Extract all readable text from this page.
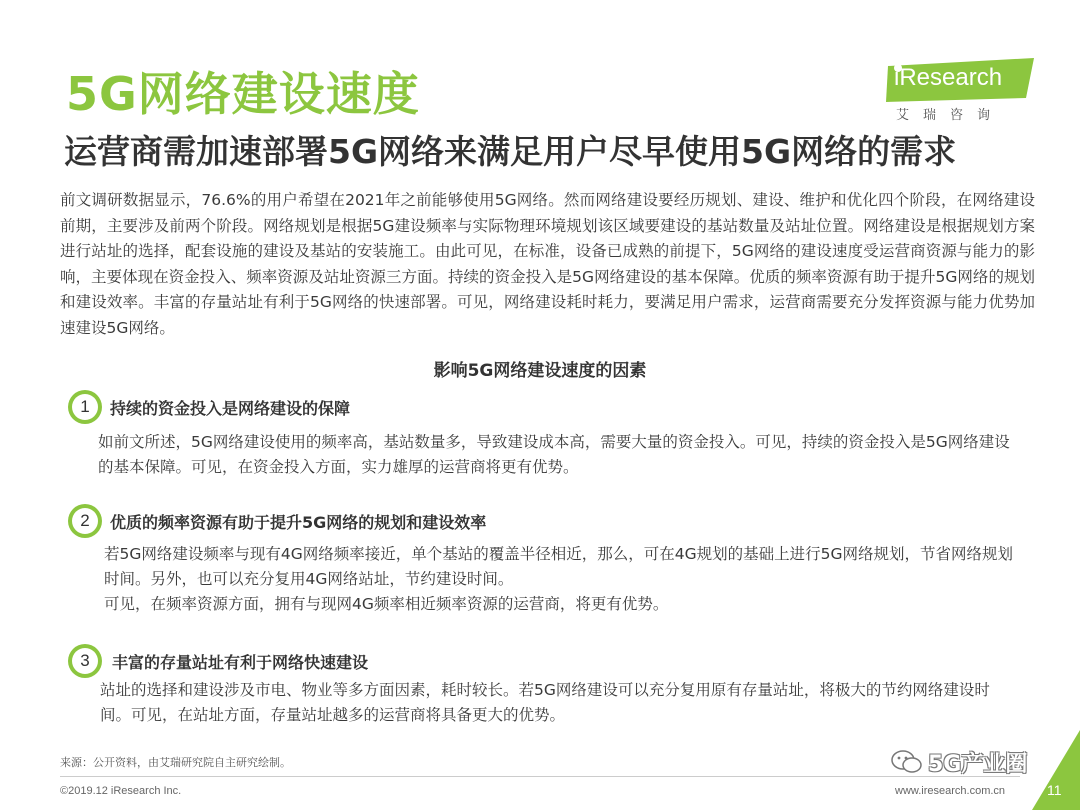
5G网络建设速度
运营商需加速部署5G网络来满足用户尽早使用5G网络的需求
iResearch
艾瑞咨询
前文调研数据显示，76.6%的用户希望在2021年之前能够使用5G网络。然而网络建设要经历规划、建设、维护和优化四个阶段，在网络建设前期，主要涉及前两个阶段。网络规划是根据5G建设频率与实际物理环境规划该区域要建设的基站数量及站址位置。网络建设是根据规划方案进行站址的选择，配套设施的建设及基站的安装施工。由此可见，在标准，设备已成熟的前提下，5G网络的建设速度受运营商资源与能力的影响，主要体现在资金投入、频率资源及站址资源三方面。持续的资金投入是5G网络建设的基本保障。优质的频率资源有助于提升5G网络的规划和建设效率。丰富的存量站址有利于5G网络的快速部署。可见，网络建设耗时耗力，要满足用户需求，运营商需要充分发挥资源与能力优势加速建设5G网络。
影响5G网络建设速度的因素
1	持续的资金投入是网络建设的保障
如前文所述，5G网络建设使用的频率高，基站数量多，导致建设成本高，需要大量的资金投入。可见，持续的资金投入是5G网络建设的基本保障。可见，在资金投入方面，实力雄厚的运营商将更有优势。
2	优质的频率资源有助于提升5G网络的规划和建设效率
若5G网络建设频率与现有4G网络频率接近，单个基站的覆盖半径相近，那么，可在4G规划的基础上进行5G网络规划，节省网络规划时间。另外，也可以充分复用4G网络站址，节约建设时间。
可见，在频率资源方面，拥有与现网4G频率相近频率资源的运营商，将更有优势。
3	丰富的存量站址有利于网络快速建设
站址的选择和建设涉及市电、物业等多方面因素，耗时较长。若5G网络建设可以充分复用原有存量站址，将极大的节约网络建设时间。可见，在站址方面，存量站址越多的运营商将具备更大的优势。
来源：公开资料，由艾瑞研究院自主研究绘制。
©2019.12 iResearch Inc.	www.iresearch.com.cn	11
5G产业圈
